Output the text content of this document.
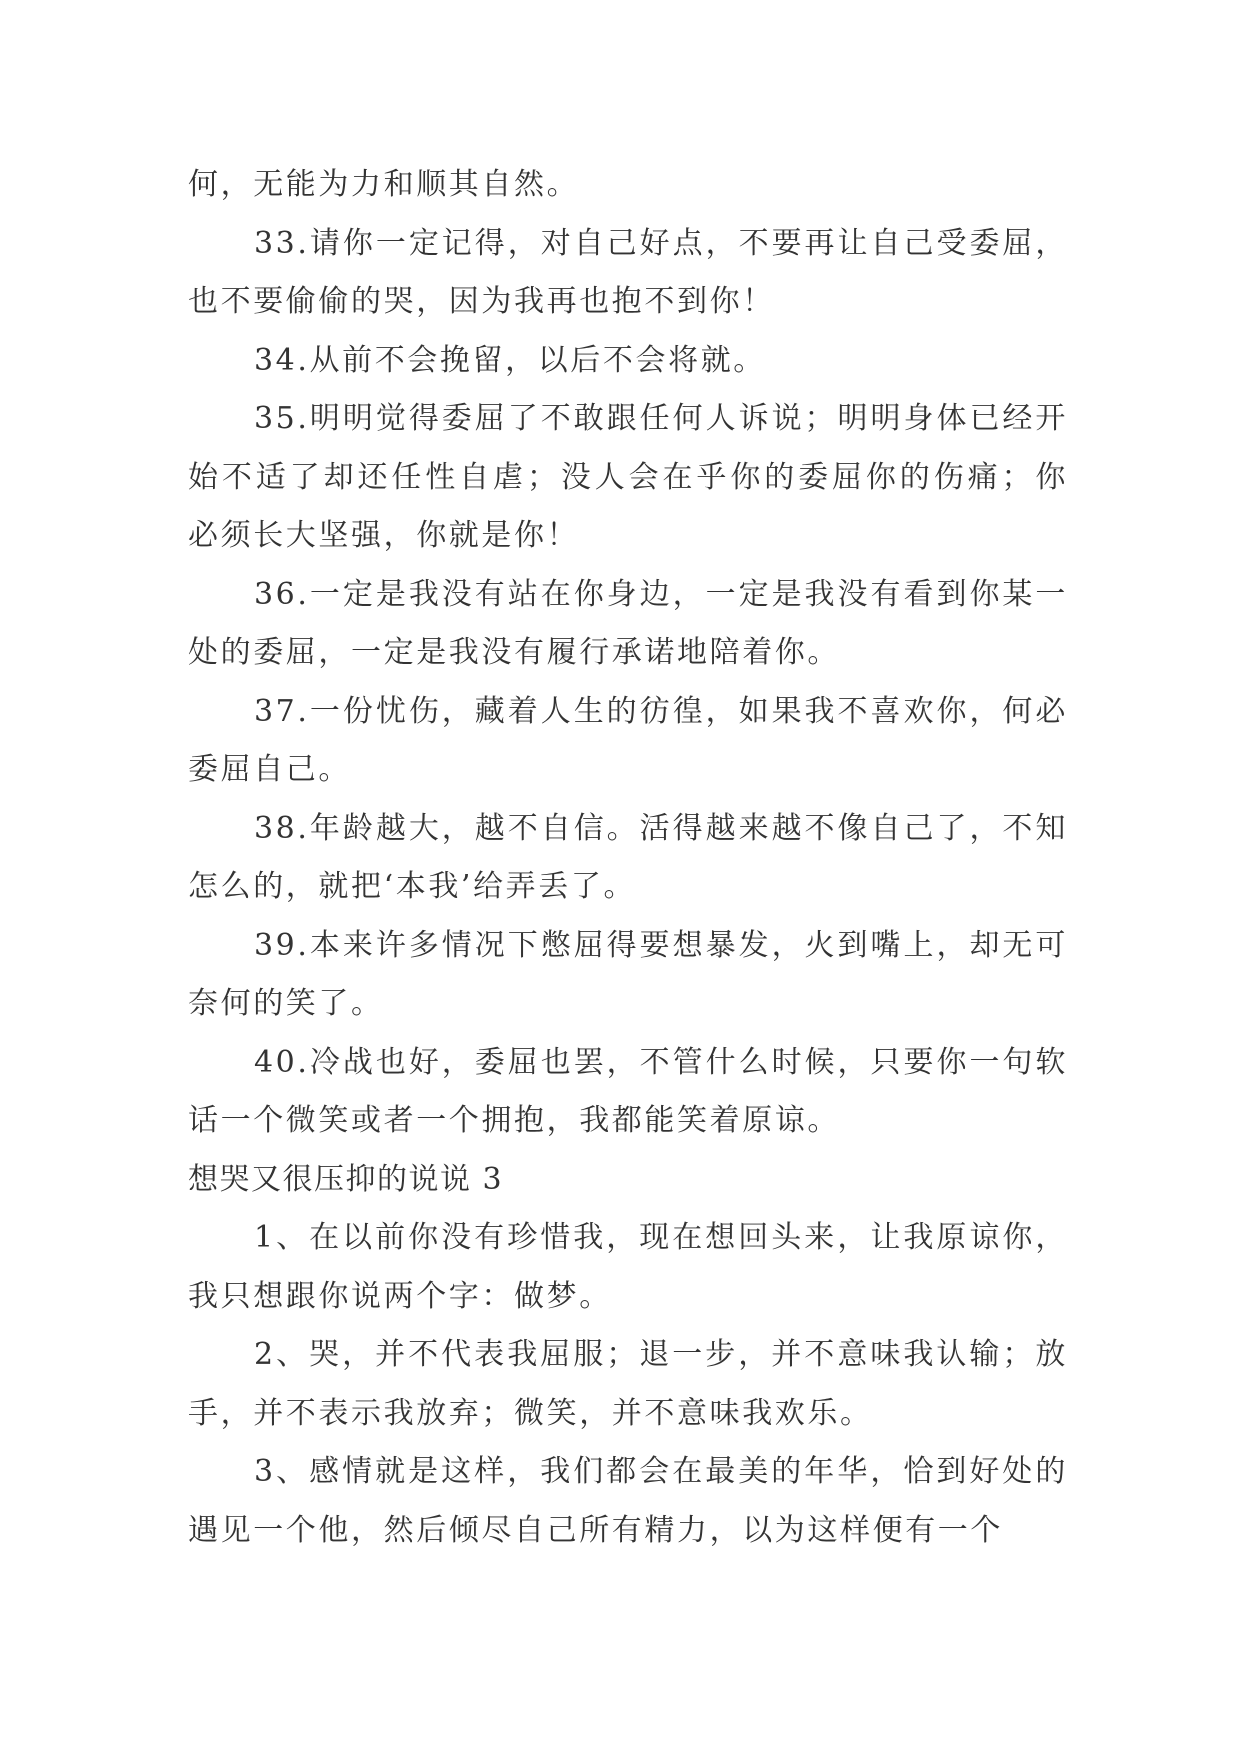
何，无能为力和顺其自然。

33.请你一定记得，对自己好点，不要再让自己受委屈，也不要偷偷的哭，因为我再也抱不到你！

34.从前不会挽留，以后不会将就。

35.明明觉得委屈了不敢跟任何人诉说；明明身体已经开始不适了却还任性自虐；没人会在乎你的委屈你的伤痛；你必须长大坚强，你就是你！

36.一定是我没有站在你身边，一定是我没有看到你某一处的委屈，一定是我没有履行承诺地陪着你。

37.一份忧伤，藏着人生的彷徨，如果我不喜欢你，何必委屈自己。

38.年龄越大，越不自信。活得越来越不像自己了，不知怎么的，就把‘本我’给弄丢了。

39.本来许多情况下憋屈得要想暴发，火到嘴上，却无可奈何的笑了。

40.冷战也好，委屈也罢，不管什么时候，只要你一句软话一个微笑或者一个拥抱，我都能笑着原谅。

想哭又很压抑的说说 3

1、在以前你没有珍惜我，现在想回头来，让我原谅你，我只想跟你说两个字：做梦。

2、哭，并不代表我屈服；退一步，并不意味我认输；放手，并不表示我放弃；微笑，并不意味我欢乐。

3、感情就是这样，我们都会在最美的年华，恰到好处的遇见一个他，然后倾尽自己所有精力，以为这样便有一个
